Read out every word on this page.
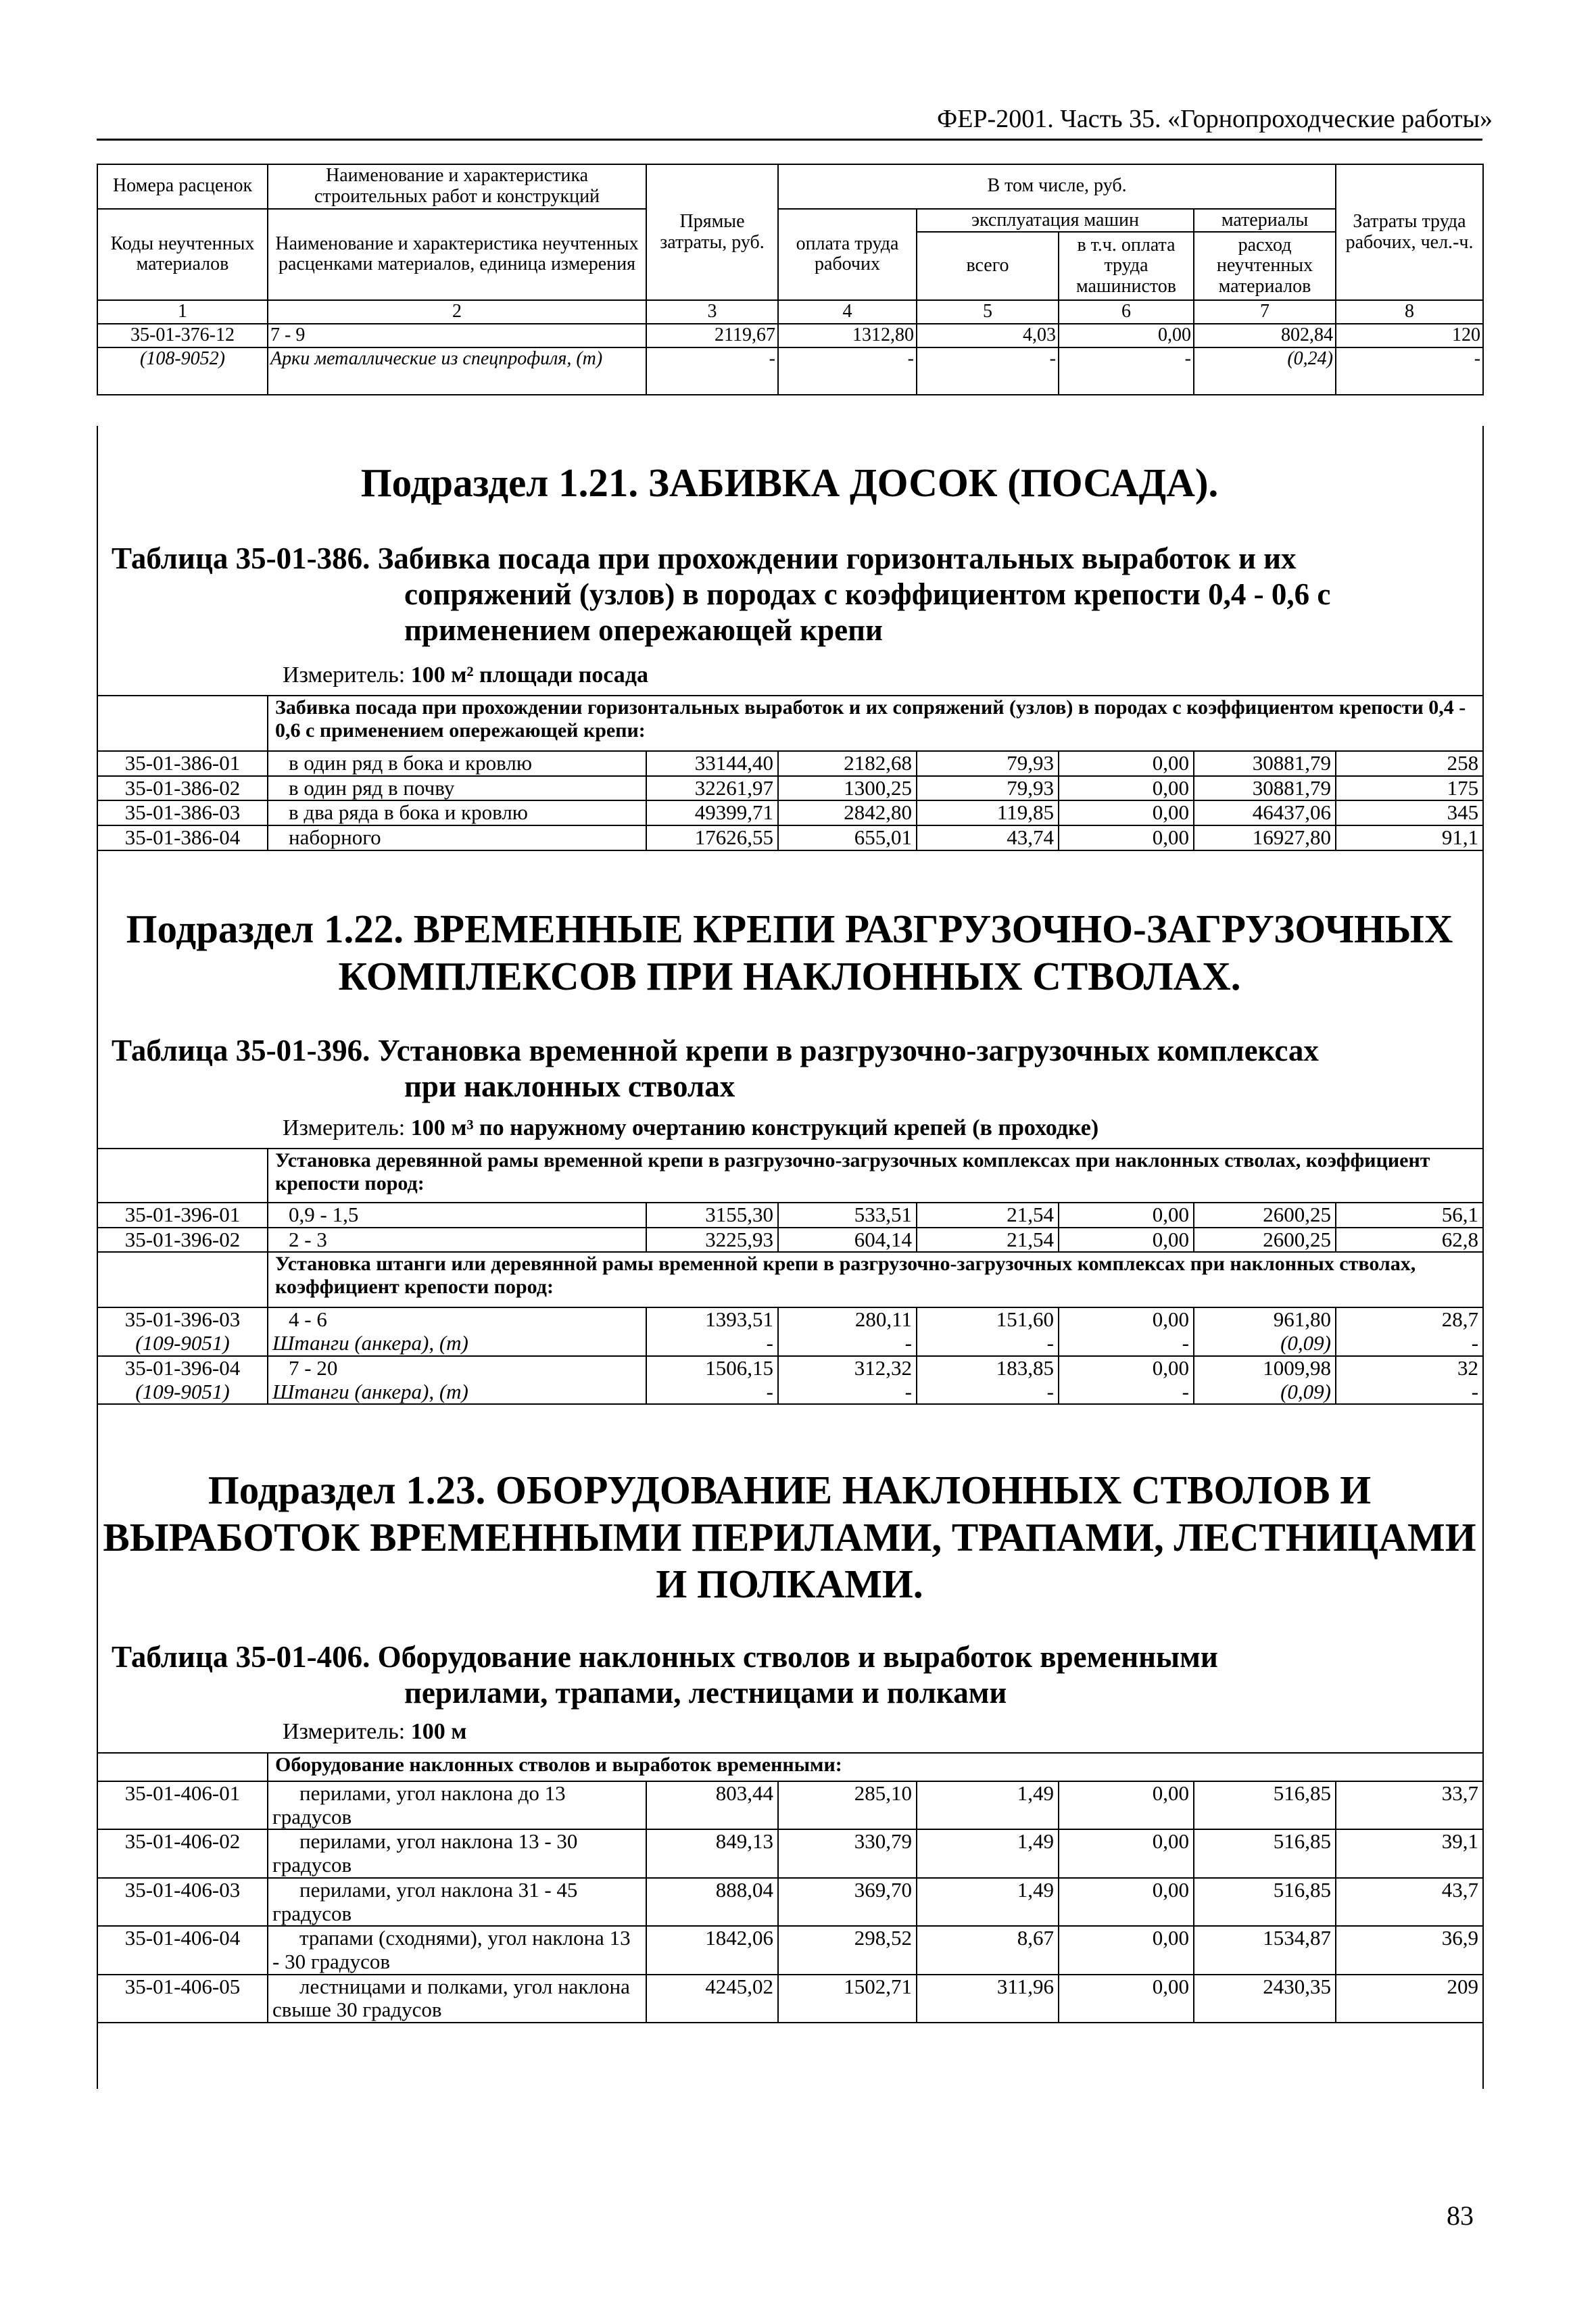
ФЕР-2001. Часть 35. «Горнопроходческие работы»
Номера расценок	Наименование и характеристика строительных работ и конструкций	Прямые затраты, руб.	В том числе, руб.				Затраты труда рабочих, чел.-ч.
Коды неучтенных материалов	Наименование и характеристика неучтенных расценками материалов, единица измерения		оплата труда рабочих	эксплуатация машин		материалы	
				всего	в т.ч. оплата труда машинистов	расход неучтенных материалов	

1	2	3	4	5	6	7	8
35-01-376-12	7 - 9	2119,67	1312,80	4,03	0,00	802,84	120
(108-9052)	Арки металлические из спецпрофиля, (т)	-	-	-	-	(0,24)	-
Подраздел 1.21. ЗАБИВКА ДОСОК (ПОСАДА).
Таблица 35-01-386. Забивка посада при прохождении горизонтальных выработок и их
сопряжений (узлов) в породах с коэффициентом крепости 0,4 - 0,6 с применением опережающей крепи
Измеритель: 100 м² площади посада
	Забивка посада при прохождении горизонтальных выработок и их сопряжений (узлов) в породах с коэффициентом крепости 0,4 - 0,6 с применением опережающей крепи:						
35-01-386-01	в один ряд в бока и кровлю	33144,40	2182,68	79,93	0,00	30881,79	258
35-01-386-02	в один ряд в почву	32261,97	1300,25	79,93	0,00	30881,79	175
35-01-386-03	в два ряда в бока и кровлю	49399,71	2842,80	119,85	0,00	46437,06	345
35-01-386-04	наборного	17626,55	655,01	43,74	0,00	16927,80	91,1
Подраздел 1.22. ВРЕМЕННЫЕ КРЕПИ РАЗГРУЗОЧНО-ЗАГРУЗОЧНЫХ
КОМПЛЕКСОВ ПРИ НАКЛОННЫХ СТВОЛАХ.
Таблица 35-01-396. Установка временной крепи в разгрузочно-загрузочных комплексах
при наклонных стволах
Измеритель: 100 м³ по наружному очертанию конструкций крепей (в проходке)
	Установка деревянной рамы временной крепи в разгрузочно-загрузочных комплексах при наклонных стволах, коэффициент крепости пород:						
35-01-396-01	0,9 - 1,5	3155,30	533,51	21,54	0,00	2600,25	56,1
35-01-396-02	2 - 3	3225,93	604,14	21,54	0,00	2600,25	62,8
	Установка штанги или деревянной рамы временной крепи в разгрузочно-загрузочных комплексах при наклонных стволах, коэффициент крепости пород:						
35-01-396-03	4 - 6	1393,51	280,11	151,60	0,00	961,80	28,7
(109-9051)	Штанги (анкера), (т)	-	-	-	-	(0,09)	-
35-01-396-04	7 - 20	1506,15	312,32	183,85	0,00	1009,98	32
(109-9051)	Штанги (анкера), (т)	-	-	-	-	(0,09)	-
Подраздел 1.23. ОБОРУДОВАНИЕ НАКЛОННЫХ СТВОЛОВ И
ВЫРАБОТОК ВРЕМЕННЫМИ ПЕРИЛАМИ, ТРАПАМИ, ЛЕСТНИЦАМИ
И ПОЛКАМИ.
Таблица 35-01-406. Оборудование наклонных стволов и выработок временными
перилами, трапами, лестницами и полками
Измеритель: 100 м
	Оборудование наклонных стволов и выработок временными:						
35-01-406-01	перилами, угол наклона до 13 градусов	803,44	285,10	1,49	0,00	516,85	33,7
35-01-406-02	перилами, угол наклона 13 - 30 градусов	849,13	330,79	1,49	0,00	516,85	39,1
35-01-406-03	перилами, угол наклона 31 - 45 градусов	888,04	369,70	1,49	0,00	516,85	43,7
35-01-406-04	трапами (сходнями), угол наклона 13 - 30 градусов	1842,06	298,52	8,67	0,00	1534,87	36,9
35-01-406-05	лестницами и полками, угол наклона свыше 30 градусов	4245,02	1502,71	311,96	0,00	2430,35	209
83
